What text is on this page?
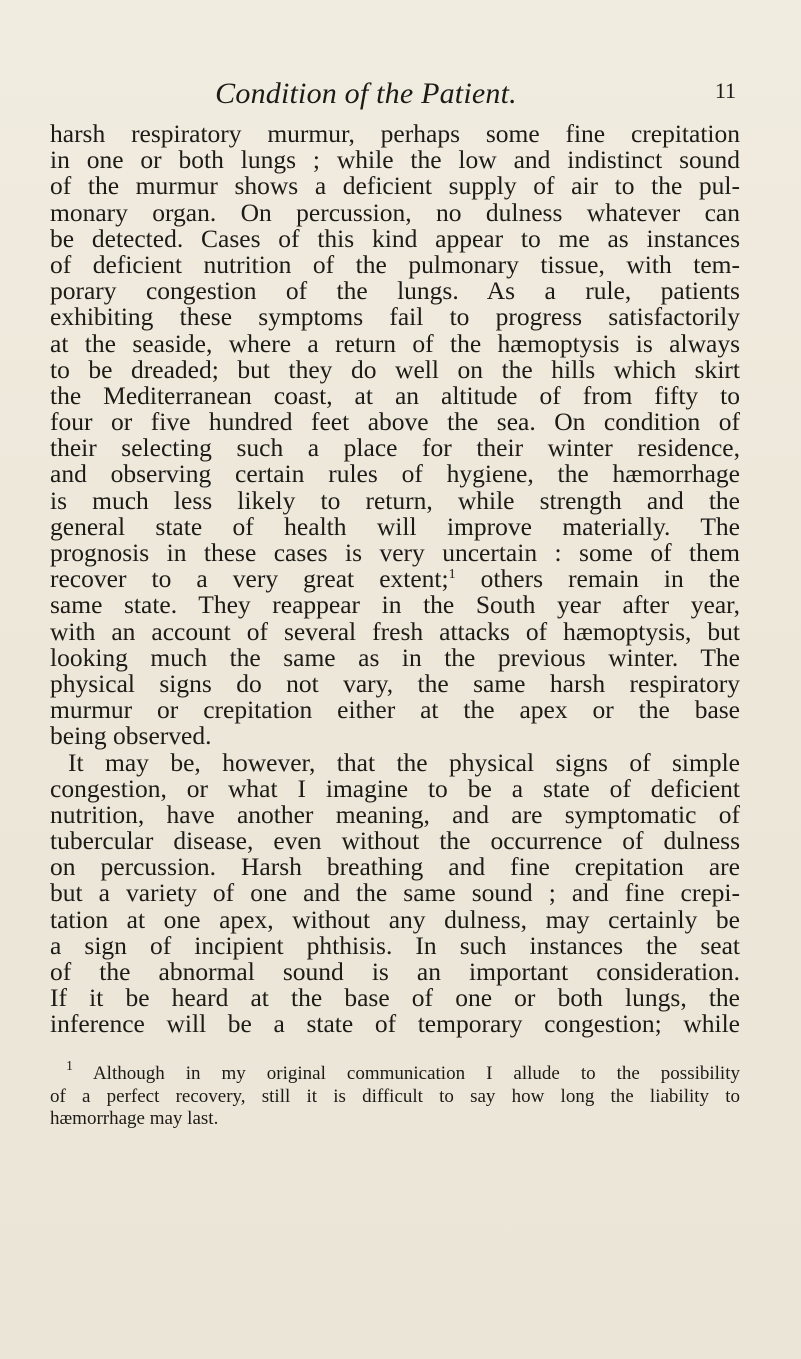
Condition of the Patient.	11
harsh respiratory murmur, perhaps some fine crepitation
in one or both lungs ; while the low and indistinct sound
of the murmur shows a deficient supply of air to the pul-
monary organ. On percussion, no dulness whatever can
be detected. Cases of this kind appear to me as instances
of deficient nutrition of the pulmonary tissue, with tem-
porary congestion of the lungs. As a rule, patients
exhibiting these symptoms fail to progress satisfactorily
at the seaside, where a return of the hæmoptysis is always
to be dreaded; but they do well on the hills which skirt
the Mediterranean coast, at an altitude of from fifty to
four or five hundred feet above the sea. On condition of
their selecting such a place for their winter residence,
and observing certain rules of hygiene, the hæmorrhage
is much less likely to return, while strength and the
general state of health will improve materially. The
prognosis in these cases is very uncertain : some of them
recover to a very great extent;$^1$ others remain in the
same state. They reappear in the South year after year,
with an account of several fresh attacks of hæmoptysis, but
looking much the same as in the previous winter. The
physical signs do not vary, the same harsh respiratory
murmur or crepitation either at the apex or the base
being observed.
It may be, however, that the physical signs of simple
congestion, or what I imagine to be a state of deficient
nutrition, have another meaning, and are symptomatic of
tubercular disease, even without the occurrence of dulness
on percussion. Harsh breathing and fine crepitation are
but a variety of one and the same sound ; and fine crepi-
tation at one apex, without any dulness, may certainly be
a sign of incipient phthisis. In such instances the seat
of the abnormal sound is an important consideration.
If it be heard at the base of one or both lungs, the
inference will be a state of temporary congestion; while
$^1$ Although in my original communication I allude to the possibility
of a perfect recovery, still it is difficult to say how long the liability to
hæmorrhage may last.
